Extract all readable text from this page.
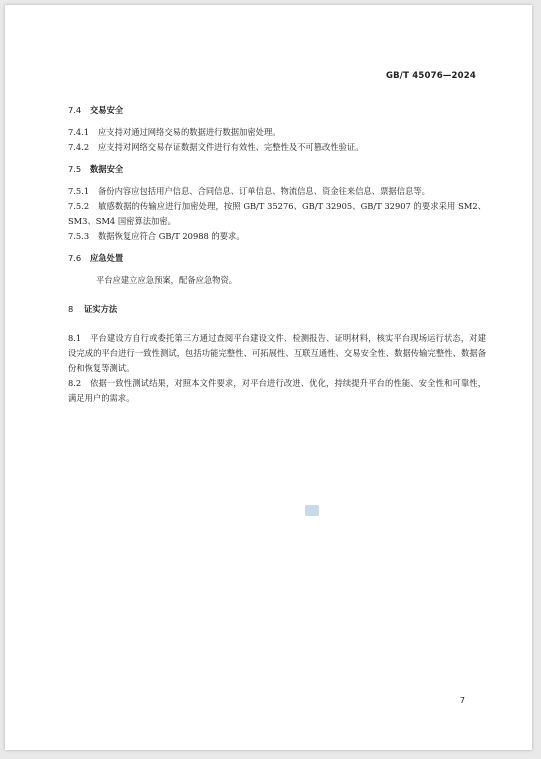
GB/T 45076—2024
7.4 交易安全

7.4.1 应支持对通过网络交易的数据进行数据加密处理。

7.4.2 应支持对网络交易存证数据文件进行有效性、完整性及不可篡改性验证。

7.5 数据安全

7.5.1 备份内容应包括用户信息、合同信息、订单信息、物流信息、资金往来信息、票据信息等。

7.5.2 敏感数据的传输应进行加密处理，按照 GB/T 35276、GB/T 32905、GB/T 32907 的要求采用 SM2、SM3、SM4 国密算法加密。

7.5.3 数据恢复应符合 GB/T 20988 的要求。

7.6 应急处置

平台应建立应急预案，配备应急物资。

8 证实方法

8.1 平台建设方自行或委托第三方通过查阅平台建设文件、检测报告、证明材料，核实平台现场运行状态，对建设完成的平台进行一致性测试，包括功能完整性、可拓展性、互联互通性、交易安全性、数据传输完整性、数据备份和恢复等测试。

8.2 依据一致性测试结果，对照本文件要求，对平台进行改进、优化，持续提升平台的性能、安全性和可靠性，满足用户的需求。

7
